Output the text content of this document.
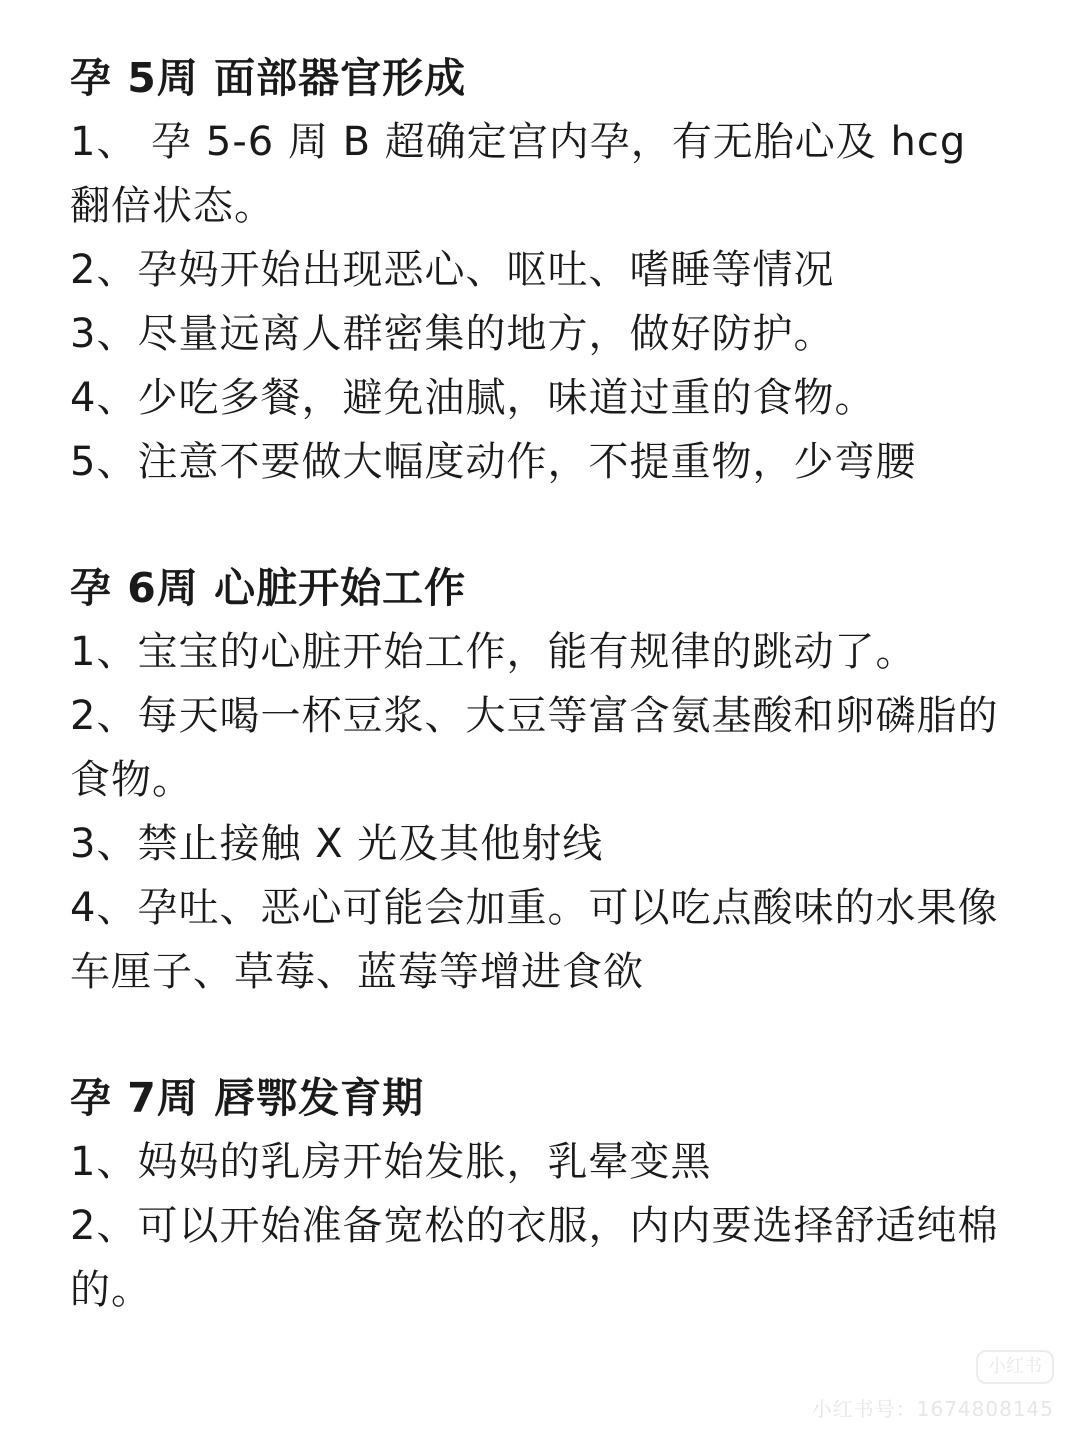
孕 5周 面部器官形成

1、 孕 5-6 周 B 超确定宫内孕，有无胎心及 hcg 翻倍状态。

2、孕妈开始出现恶心、呕吐、嗜睡等情况

3、尽量远离人群密集的地方，做好防护。

4、少吃多餐，避免油腻，味道过重的食物。

5、注意不要做大幅度动作，不提重物，少弯腰

孕 6周 心脏开始工作

1、宝宝的心脏开始工作，能有规律的跳动了。

2、每天喝一杯豆浆、大豆等富含氨基酸和卵磷脂的食物。

3、禁止接触 X 光及其他射线

4、孕吐、恶心可能会加重。可以吃点酸味的水果像车厘子、草莓、蓝莓等增进食欲

孕 7周 唇鄂发育期

1、妈妈的乳房开始发胀，乳晕变黑

2、可以开始准备宽松的衣服，内内要选择舒适纯棉的。

小红书
小红书号：1674808145
